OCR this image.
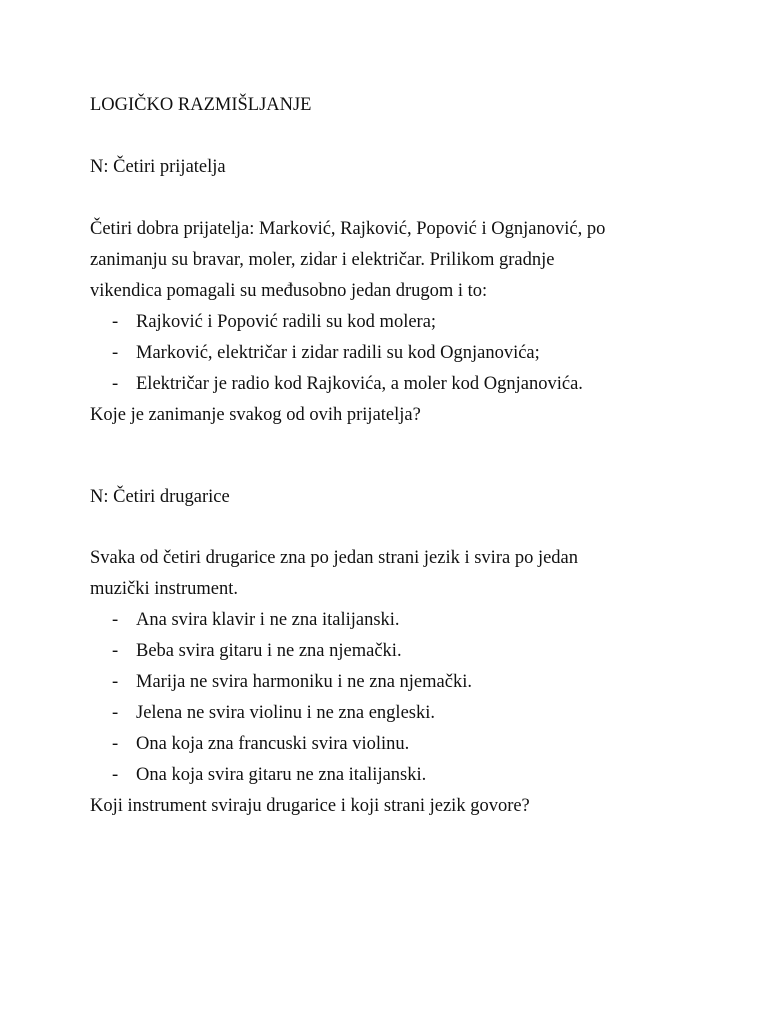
LOGIČKO RAZMIŠLJANJE
N: Četiri prijatelja
Četiri dobra prijatelja: Marković, Rajković, Popović i Ognjanović, po
zanimanju su bravar, moler, zidar i električar. Prilikom gradnje
vikendica pomagali su međusobno jedan drugom i to:
- Rajković i Popović radili su kod molera;
- Marković, električar i zidar radili su kod Ognjanovića;
- Električar je radio kod Rajkovića, a moler kod Ognjanovića.
Koje je zanimanje svakog od ovih prijatelja?
N: Četiri drugarice
Svaka od četiri drugarice zna po jedan strani jezik i svira po jedan
muzički instrument.
- Ana svira klavir i ne zna italijanski.
- Beba svira gitaru i ne zna njemački.
- Marija ne svira harmoniku i ne zna njemački.
- Jelena ne svira violinu i ne zna engleski.
- Ona koja zna francuski svira violinu.
- Ona koja svira gitaru ne zna italijanski.
Koji instrument sviraju drugarice i koji strani jezik govore?
